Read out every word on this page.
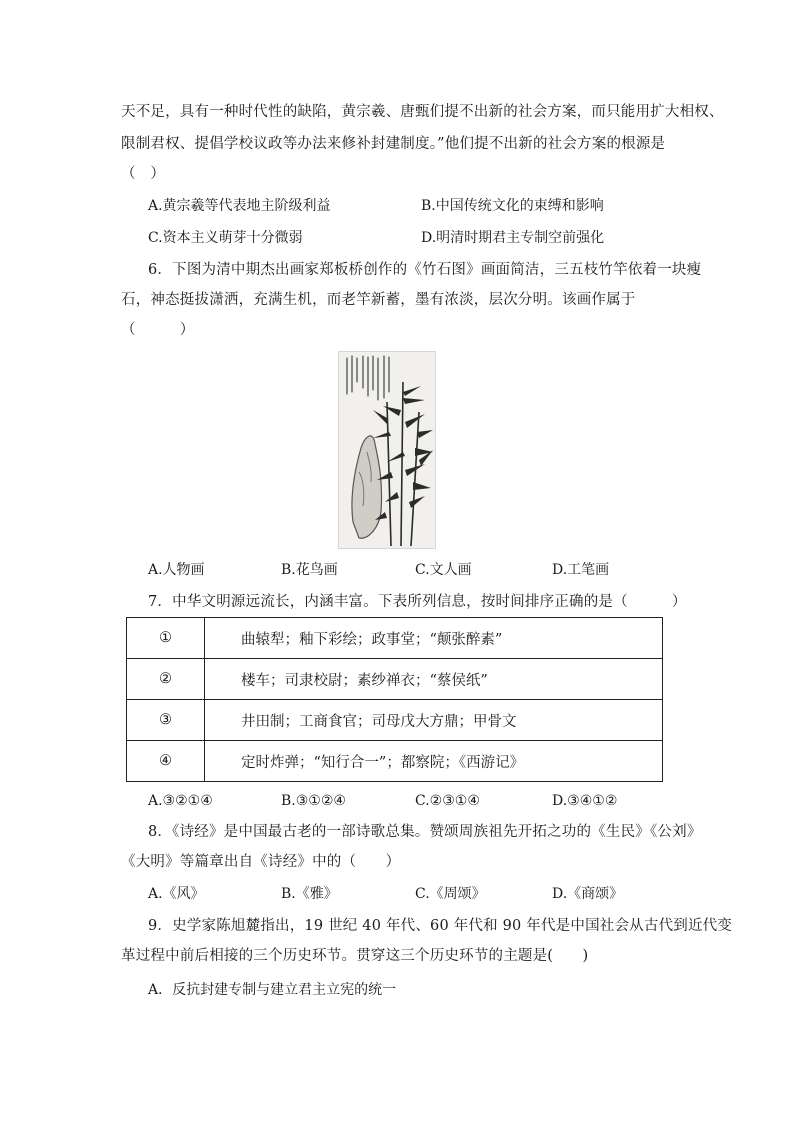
天不足，具有一种时代性的缺陷，黄宗羲、唐甄们提不出新的社会方案，而只能用扩大相权、
限制君权、提倡学校议政等办法来修补封建制度。”他们提不出新的社会方案的根源是
（　）
A.黄宗羲等代表地主阶级利益	B.中国传统文化的束缚和影响
C.资本主义萌芽十分微弱	D.明清时期君主专制空前强化
6．下图为清中期杰出画家郑板桥创作的《竹石图》画面简洁，三五枝竹竿依着一块瘦
石，神态挺拔潇洒，充满生机，而老竿新蓄，墨有浓淡，层次分明。该画作属于
（　　　）
A.人物画	B.花鸟画	C.文人画	D.工笔画
7．中华文明源远流长，内涵丰富。下表所列信息，按时间排序正确的是（　　　）
①	曲辕犁；釉下彩绘；政事堂；“颠张醉素”
②	楼车；司隶校尉；素纱禅衣；“蔡侯纸”
③	井田制；工商食官；司母戊大方鼎；甲骨文
④	定时炸弹；“知行合一”；都察院；《西游记》
A.③②①④	B.③①②④	C.②③①④	D.③④①②
8．《诗经》是中国最古老的一部诗歌总集。赞颂周族祖先开拓之功的《生民》《公刘》
《大明》等篇章出自《诗经》中的（　　）
A.《风》	B.《雅》	C.《周颂》	D.《商颂》
9．史学家陈旭麓指出，19 世纪 40 年代、60 年代和 90 年代是中国社会从古代到近代变
革过程中前后相接的三个历史环节。贯穿这三个历史环节的主题是(　　)
A．反抗封建专制与建立君主立宪的统一
